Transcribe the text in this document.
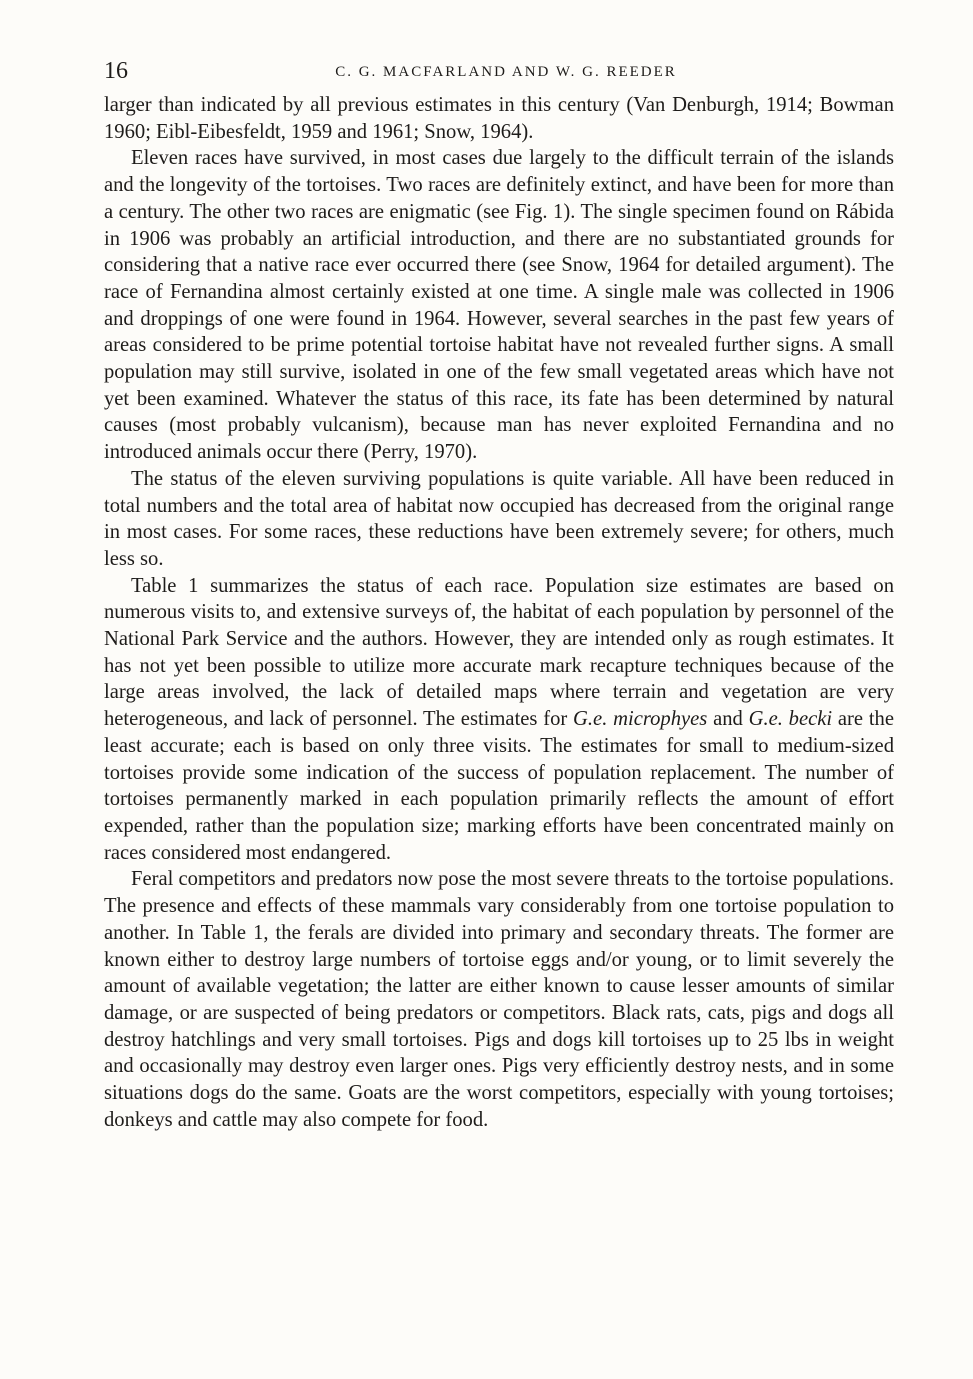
16	C. G. MACFARLAND AND W. G. REEDER

larger than indicated by all previous estimates in this century (Van Denburgh, 1914; Bowman 1960; Eibl-Eibesfeldt, 1959 and 1961; Snow, 1964).

Eleven races have survived, in most cases due largely to the difficult terrain of the islands and the longevity of the tortoises. Two races are definitely extinct, and have been for more than a century. The other two races are enigmatic (see Fig. 1). The single specimen found on Rábida in 1906 was probably an artificial introduction, and there are no substantiated grounds for considering that a native race ever occurred there (see Snow, 1964 for detailed argument). The race of Fernandina almost certainly existed at one time. A single male was collected in 1906 and droppings of one were found in 1964. However, several searches in the past few years of areas considered to be prime potential tortoise habitat have not revealed further signs. A small population may still survive, isolated in one of the few small vegetated areas which have not yet been examined. Whatever the status of this race, its fate has been determined by natural causes (most probably vulcanism), because man has never exploited Fernandina and no introduced animals occur there (Perry, 1970).

The status of the eleven surviving populations is quite variable. All have been reduced in total numbers and the total area of habitat now occupied has decreased from the original range in most cases. For some races, these reductions have been extremely severe; for others, much less so.

Table 1 summarizes the status of each race. Population size estimates are based on numerous visits to, and extensive surveys of, the habitat of each population by personnel of the National Park Service and the authors. However, they are intended only as rough estimates. It has not yet been possible to utilize more accurate mark recapture techniques because of the large areas involved, the lack of detailed maps where terrain and vegetation are very heterogeneous, and lack of personnel. The estimates for G.e. microphyes and G.e. becki are the least accurate; each is based on only three visits. The estimates for small to medium-sized tortoises provide some indication of the success of population replacement. The number of tortoises permanently marked in each population primarily reflects the amount of effort expended, rather than the population size; marking efforts have been concentrated mainly on races considered most endangered.

Feral competitors and predators now pose the most severe threats to the tortoise populations. The presence and effects of these mammals vary considerably from one tortoise population to another. In Table 1, the ferals are divided into primary and secondary threats. The former are known either to destroy large numbers of tortoise eggs and/or young, or to limit severely the amount of available vegetation; the latter are either known to cause lesser amounts of similar damage, or are suspected of being predators or competitors. Black rats, cats, pigs and dogs all destroy hatchlings and very small tortoises. Pigs and dogs kill tortoises up to 25 lbs in weight and occasionally may destroy even larger ones. Pigs very efficiently destroy nests, and in some situations dogs do the same. Goats are the worst competitors, especially with young tortoises; donkeys and cattle may also compete for food.
